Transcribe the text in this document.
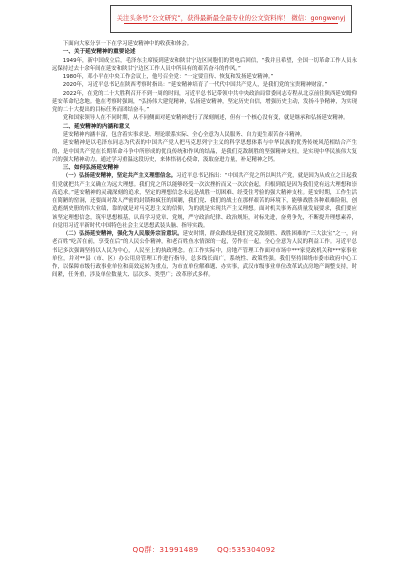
关注头条号“公文研究”，获得最新最全最专业的公文资料库！ 微信：gongwenyj

下面向大家分享一下在学习延安精神中的收获和体会。

一、关于延安精神的重要论述

1949年，新中国成立后，毛泽东主席接到延安和陕甘宁边区同胞们的贺电后回信，“我并且希望，全国一切革命工作人员永远保持过去十余年间在延安和陕甘宁边区工作人员中所具有的艰苦奋斗的作风。”

1980年，邓小平在中央工作会议上，他号召全党：“一定要宣传、恢复和发扬延安精神。”

2020年，习近平总书记在陕西考察时指出：“延安精神培育了一代代中国共产党人，是我们党的宝贵精神财富。”

2022年，在党的二十大胜利召开不到一周的时间，习近平总书记带领中共中央政治局常委同志专程从北京前往陕西延安瞻仰延安革命纪念地。他在考察时强调，“弘扬伟大建党精神，弘扬延安精神，坚定历史自信，增强历史主动，发扬斗争精神，为实现党的二十大提出的目标任务而团结奋斗。”

党和国家领导人在不同时期，从不同侧面对延安精神进行了深刻阐述，但有一个核心没有变，就是继承和弘扬延安精神。

二、延安精神的内涵和意义

延安精神内涵丰富，包含着实事求是、理论联系实际、全心全意为人民服务、自力更生艰苦奋斗精神。

延安精神是以毛泽东同志为代表的中国共产党人把马克思列宁主义的科学思想体系与中华民族的优秀传统风范相结合产生的，是中国共产党在长期革命斗争中所形成的优良传统和作风的结晶，是我们克敌制胜的坚强精神支柱，是实现中华民族伟大复兴的强大精神动力。通过学习重温这段历史，来体悟初心使命，汲取奋进力量，补足精神之钙。

三、如何弘扬延安精神

（一）弘扬延安精神，坚定共产主义理想信念。习近平总书记指出：“中国共产党之所以叫共产党，就是因为从成立之日起我们党就把共产主义确立为远大理想。我们党之所以能够经受一次次挫折而又一次次奋起，归根到底是因为我们党有远大理想和崇高追求。”延安精神的灵魂深刻的追求，坚定的理想信念永远是战胜一切困难、经受住考验的强大精神支柱。延安时期，工作生活在简陋的窑洞，还要面对敌人严密的封锁和疯狂的围剿，我们党、我们的战士在那样艰苦的环境下，能够战胜各种艰难险阻，创造彪炳史册的伟大业绩，靠的就是对马克思主义的信仰，为的就是实现共产主义理想。面对机关事务高质量发展要求，我们要应该坚定理想信念，筑牢思想根基，认真学习党章、党规，严守政治纪律、政治规矩，对标先进，奋勇争先，不断提升理想素养，自觉用习近平新时代中国特色社会主义思想武装头脑、指导实践。

（二）弘扬延安精神，强化为人民服务宗旨意识。延安时期，群众路线是我们党克敌制胜、战胜困难的“三大法宝”之一，向老百姓“吃苦在前，享受在后”的人民公仆精神，和老百姓鱼水情深的一起，劳作在一起，全心全意为人民的利益工作。习近平总书记多次强调坚持以人民为中心，人民至上的执政理念。在工作实际中，房地产管理工作面对市场中***家党政机关和***家事业单位，并对**县（市、区）办公用房管理工作进行指导，总多线长面广，系统性、政策性强。我们坚持围绕市委市政府中心工作，以保障市级行政事业单位和高效运转为重点，为市直单位解难题、办实事，武汉市级事业单位改革试点房地产调整支持，时间紧，任务重，涉及单位数量大、层次多、类型广；改革形式多样。

QQ群：31991489	QQ:535304092
